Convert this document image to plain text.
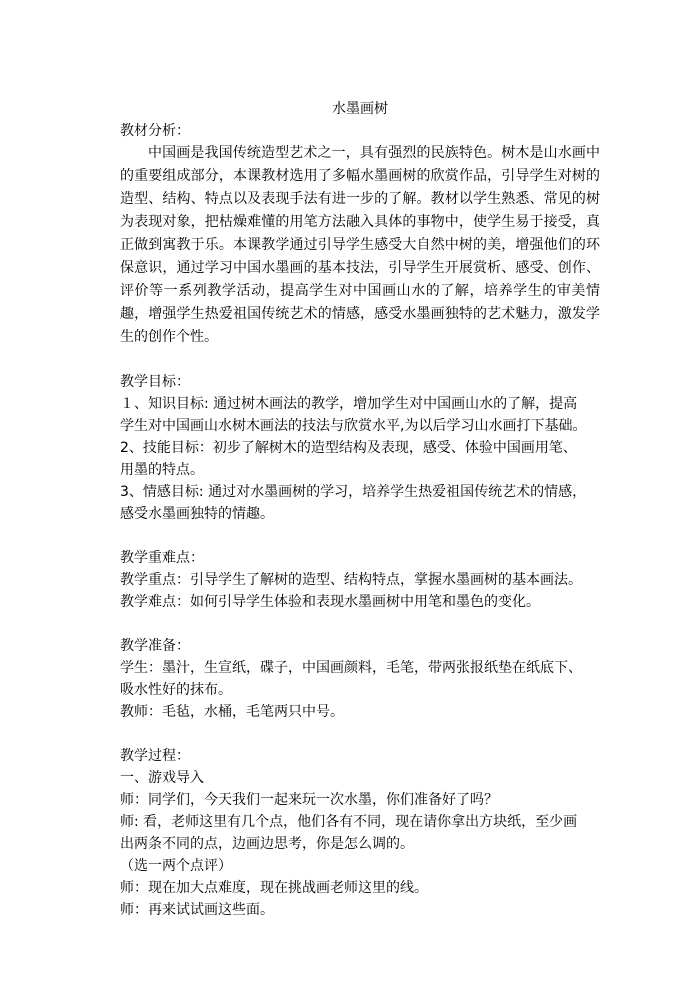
水墨画树

教材分析：

中国画是我国传统造型艺术之一，具有强烈的民族特色。树木是山水画中的重要组成部分，本课教材选用了多幅水墨画树的欣赏作品，引导学生对树的造型、结构、特点以及表现手法有进一步的了解。教材以学生熟悉、常见的树为表现对象，把枯燥难懂的用笔方法融入具体的事物中，使学生易于接受，真正做到寓教于乐。本课教学通过引导学生感受大自然中树的美，增强他们的环保意识，通过学习中国水墨画的基本技法，引导学生开展赏析、感受、创作、评价等一系列教学活动，提高学生对中国画山水的了解，培养学生的审美情趣，增强学生热爱祖国传统艺术的情感，感受水墨画独特的艺术魅力，激发学生的创作个性。

教学目标：

１、知识目标: 通过树木画法的教学，增加学生对中国画山水的了解，提高

学生对中国画山水树木画法的技法与欣赏水平,为以后学习山水画打下基础。

2、技能目标：初步了解树木的造型结构及表现，感受、体验中国画用笔、

用墨的特点。

3、情感目标: 通过对水墨画树的学习，培养学生热爱祖国传统艺术的情感，

感受水墨画独特的情趣。

教学重难点：

教学重点：引导学生了解树的造型、结构特点，掌握水墨画树的基本画法。

教学难点：如何引导学生体验和表现水墨画树中用笔和墨色的变化。

教学准备：

学生：墨汁，生宣纸，碟子，中国画颜料，毛笔，带两张报纸垫在纸底下、

吸水性好的抹布。

教师：毛毡，水桶，毛笔两只中号。

教学过程：

一、游戏导入

师：同学们，今天我们一起来玩一次水墨，你们准备好了吗？

师: 看，老师这里有几个点，他们各有不同，现在请你拿出方块纸，至少画

出两条不同的点，边画边思考，你是怎么调的。

（选一两个点评）

师：现在加大点难度，现在挑战画老师这里的线。

师：再来试试画这些面。
